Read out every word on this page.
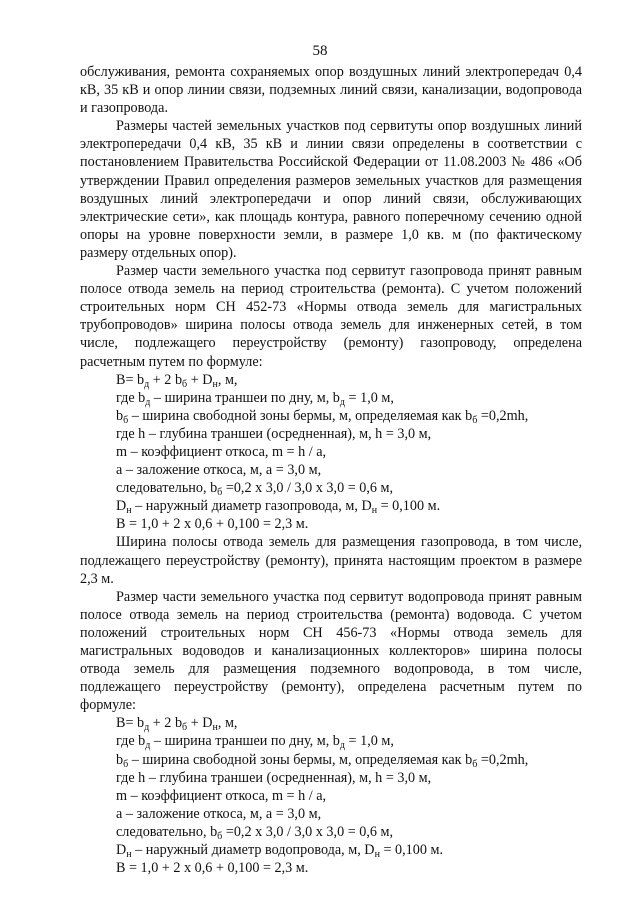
58

обслуживания, ремонта сохраняемых опор воздушных линий электропередач 0,4 кВ, 35 кВ и опор линии связи, подземных линий связи, канализации, водопровода и газопровода.

Размеры частей земельных участков под сервитуты опор воздушных линий электропередачи 0,4 кВ, 35 кВ и линии связи определены в соответствии с постановлением Правительства Российской Федерации от 11.08.2003 № 486 «Об утверждении Правил определения размеров земельных участков для размещения воздушных линий электропередачи и опор линий связи, обслуживающих электрические сети», как площадь контура, равного поперечному сечению одной опоры на уровне поверхности земли, в размере 1,0 кв. м (по фактическому размеру отдельных опор).

Размер части земельного участка под сервитут газопровода принят равным полосе отвода земель на период строительства (ремонта). С учетом положений строительных норм СН 452-73 «Нормы отвода земель для магистральных трубопроводов» ширина полосы отвода земель для инженерных сетей, в том числе, подлежащего переустройству (ремонту) газопроводу, определена расчетным путем по формуле:

$B= b_д + 2$ $b_б + D_н$, м,

где $b_д$ – ширина траншеи по дну, м, $b_д = 1,0$ м,

$b_б$ – ширина свободной зоны бермы, м, определяемая как $b_б =0,2mh$,

где h – глубина траншеи (осредненная), м, h = 3,0 м,

m – коэффициент откоса, m = h / a,

а – заложение откоса, м, а = 3,0 м,

следовательно, $b_б =0,2$ х 3,0 / 3,0 х 3,0 = 0,6 м,

$D_н$ – наружный диаметр газопровода, м, $D_н = 0,100$ м.

B = 1,0 + 2 х 0,6 + 0,100 = 2,3 м.

Ширина полосы отвода земель для размещения газопровода, в том числе, подлежащего переустройству (ремонту), принята настоящим проектом в размере 2,3 м.

Размер части земельного участка под сервитут водопровода принят равным полосе отвода земель на период строительства (ремонта) водовода. С учетом положений строительных норм СН 456-73 «Нормы отвода земель для магистральных водоводов и канализационных коллекторов» ширина полосы отвода земель для размещения подземного водопровода, в том числе, подлежащего переустройству (ремонту), определена расчетным путем по формуле:

$B= b_д + 2$ $b_б + D_н$, м,

где $b_д$ – ширина траншеи по дну, м, $b_д = 1,0$ м,

$b_б$ – ширина свободной зоны бермы, м, определяемая как $b_б =0,2mh$,

где h – глубина траншеи (осредненная), м, h = 3,0 м,

m – коэффициент откоса, m = h / a,

а – заложение откоса, м, а = 3,0 м,

следовательно, $b_б =0,2$ х 3,0 / 3,0 х 3,0 = 0,6 м,

$D_н$ – наружный диаметр водопровода, м, $D_н = 0,100$ м.

B = 1,0 + 2 х 0,6 + 0,100 = 2,3 м.
